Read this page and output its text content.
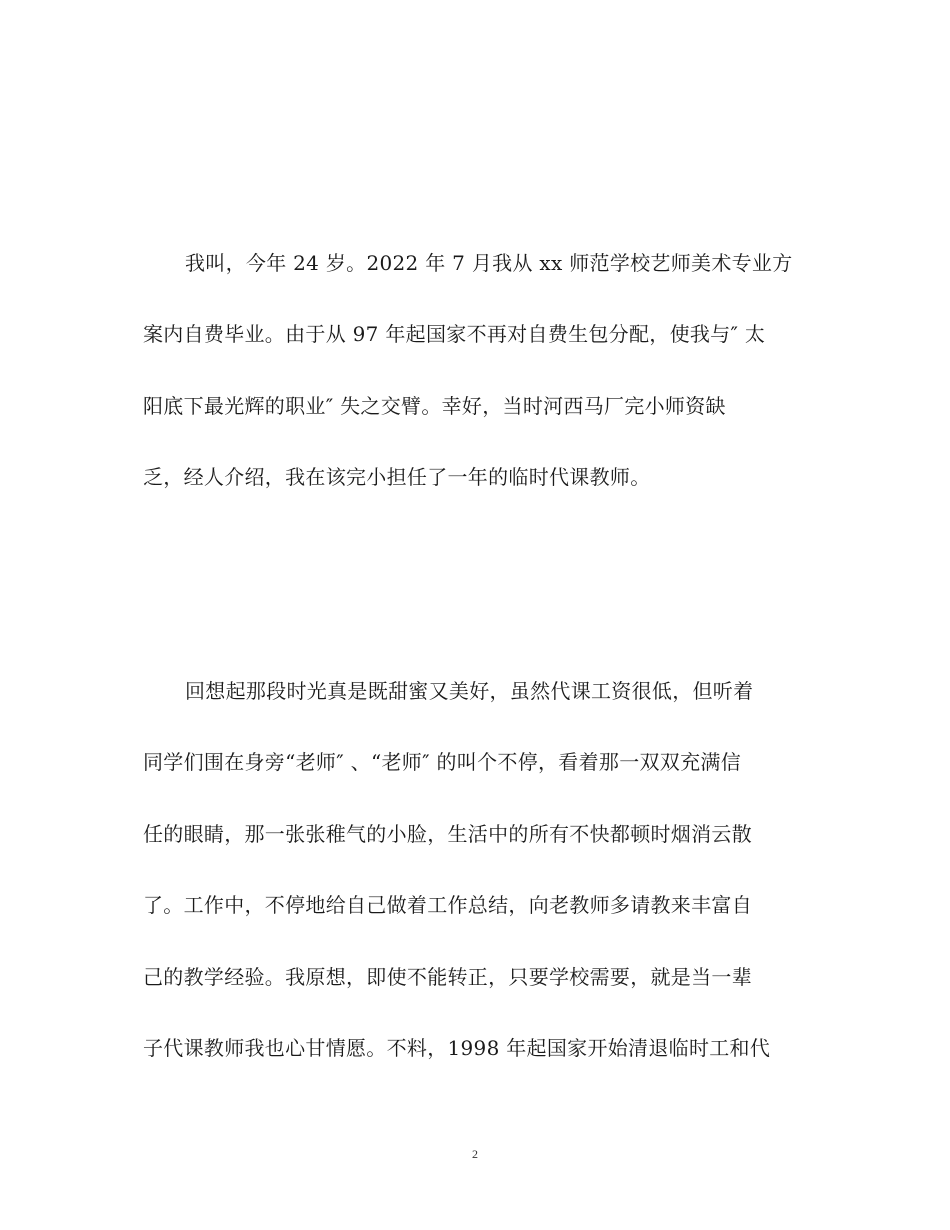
我叫，今年 24 岁。2022 年 7 月我从 xx 师范学校艺师美术专业方

案内自费毕业。由于从 97 年起国家不再对自费生包分配，使我与″ 太

阳底下最光辉的职业″ 失之交臂。幸好，当时河西马厂完小师资缺

乏，经人介绍，我在该完小担任了一年的临时代课教师。

回想起那段时光真是既甜蜜又美好，虽然代课工资很低，但听着

同学们围在身旁“老师″ 、“老师″ 的叫个不停，看着那一双双充满信

任的眼睛，那一张张稚气的小脸，生活中的所有不快都顿时烟消云散

了。工作中，不停地给自己做着工作总结，向老教师多请教来丰富自

己的教学经验。我原想，即使不能转正，只要学校需要，就是当一辈

子代课教师我也心甘情愿。不料，1998 年起国家开始清退临时工和代

2
